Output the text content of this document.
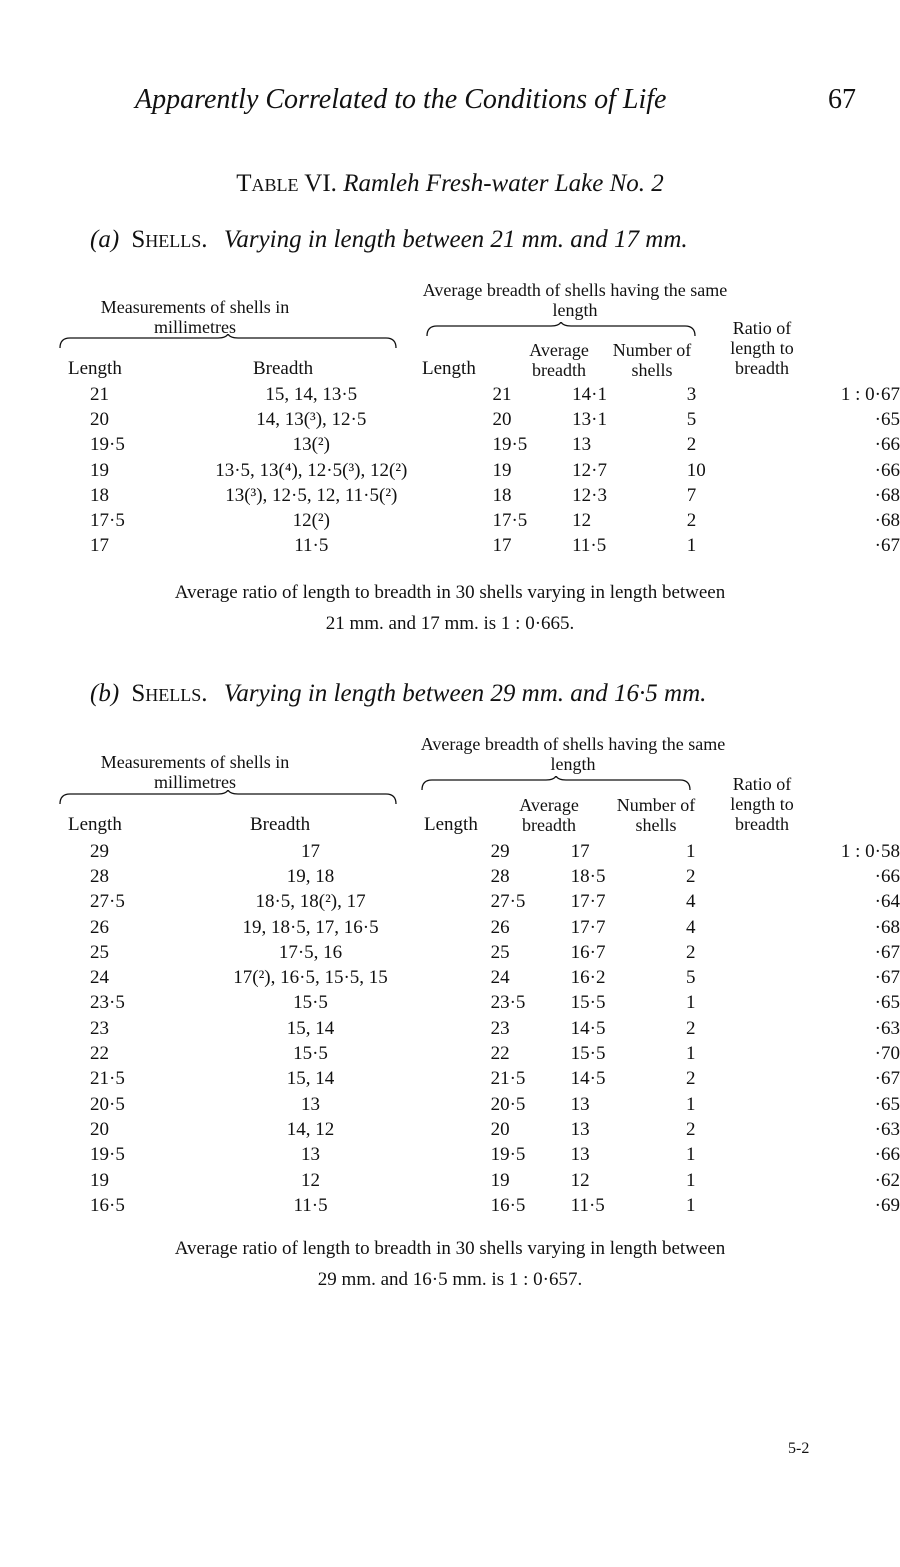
Apparently Correlated to the Conditions of Life	67
Table VI. Ramleh Fresh-water Lake No. 2
(a) Shells. Varying in length between 21 mm. and 17 mm.
Measurements of shells in millimetres
Average breadth of shells having the same length
Ratio of length to breadth
Average breadth
Number of shells
Length	Breadth	Length
21	15, 14, 13·5	21	14·1	3	1 : 0·67
20	14, 13(³), 12·5	20	13·1	5	·65
19·5	13(²)	19·5	13	2	·66
19	13·5, 13(⁴), 12·5(³), 12(²)	19	12·7	10	·66
18	13(³), 12·5, 12, 11·5(²)	18	12·3	7	·68
17·5	12(²)	17·5	12	2	·68
17	11·5	17	11·5	1	·67
Average ratio of length to breadth in 30 shells varying in length between
21 mm. and 17 mm. is 1 : 0·665.
(b) Shells. Varying in length between 29 mm. and 16·5 mm.
Measurements of shells in millimetres
Average breadth of shells having the same length
Ratio of length to breadth
Average breadth
Number of shells
Length	Breadth	Length
29	17	29	17	1	1 : 0·58
28	19, 18	28	18·5	2	·66
27·5	18·5, 18(²), 17	27·5	17·7	4	·64
26	19, 18·5, 17, 16·5	26	17·7	4	·68
25	17·5, 16	25	16·7	2	·67
24	17(²), 16·5, 15·5, 15	24	16·2	5	·67
23·5	15·5	23·5	15·5	1	·65
23	15, 14	23	14·5	2	·63
22	15·5	22	15·5	1	·70
21·5	15, 14	21·5	14·5	2	·67
20·5	13	20·5	13	1	·65
20	14, 12	20	13	2	·63
19·5	13	19·5	13	1	·66
19	12	19	12	1	·62
16·5	11·5	16·5	11·5	1	·69
Average ratio of length to breadth in 30 shells varying in length between
29 mm. and 16·5 mm. is 1 : 0·657.
5-2
